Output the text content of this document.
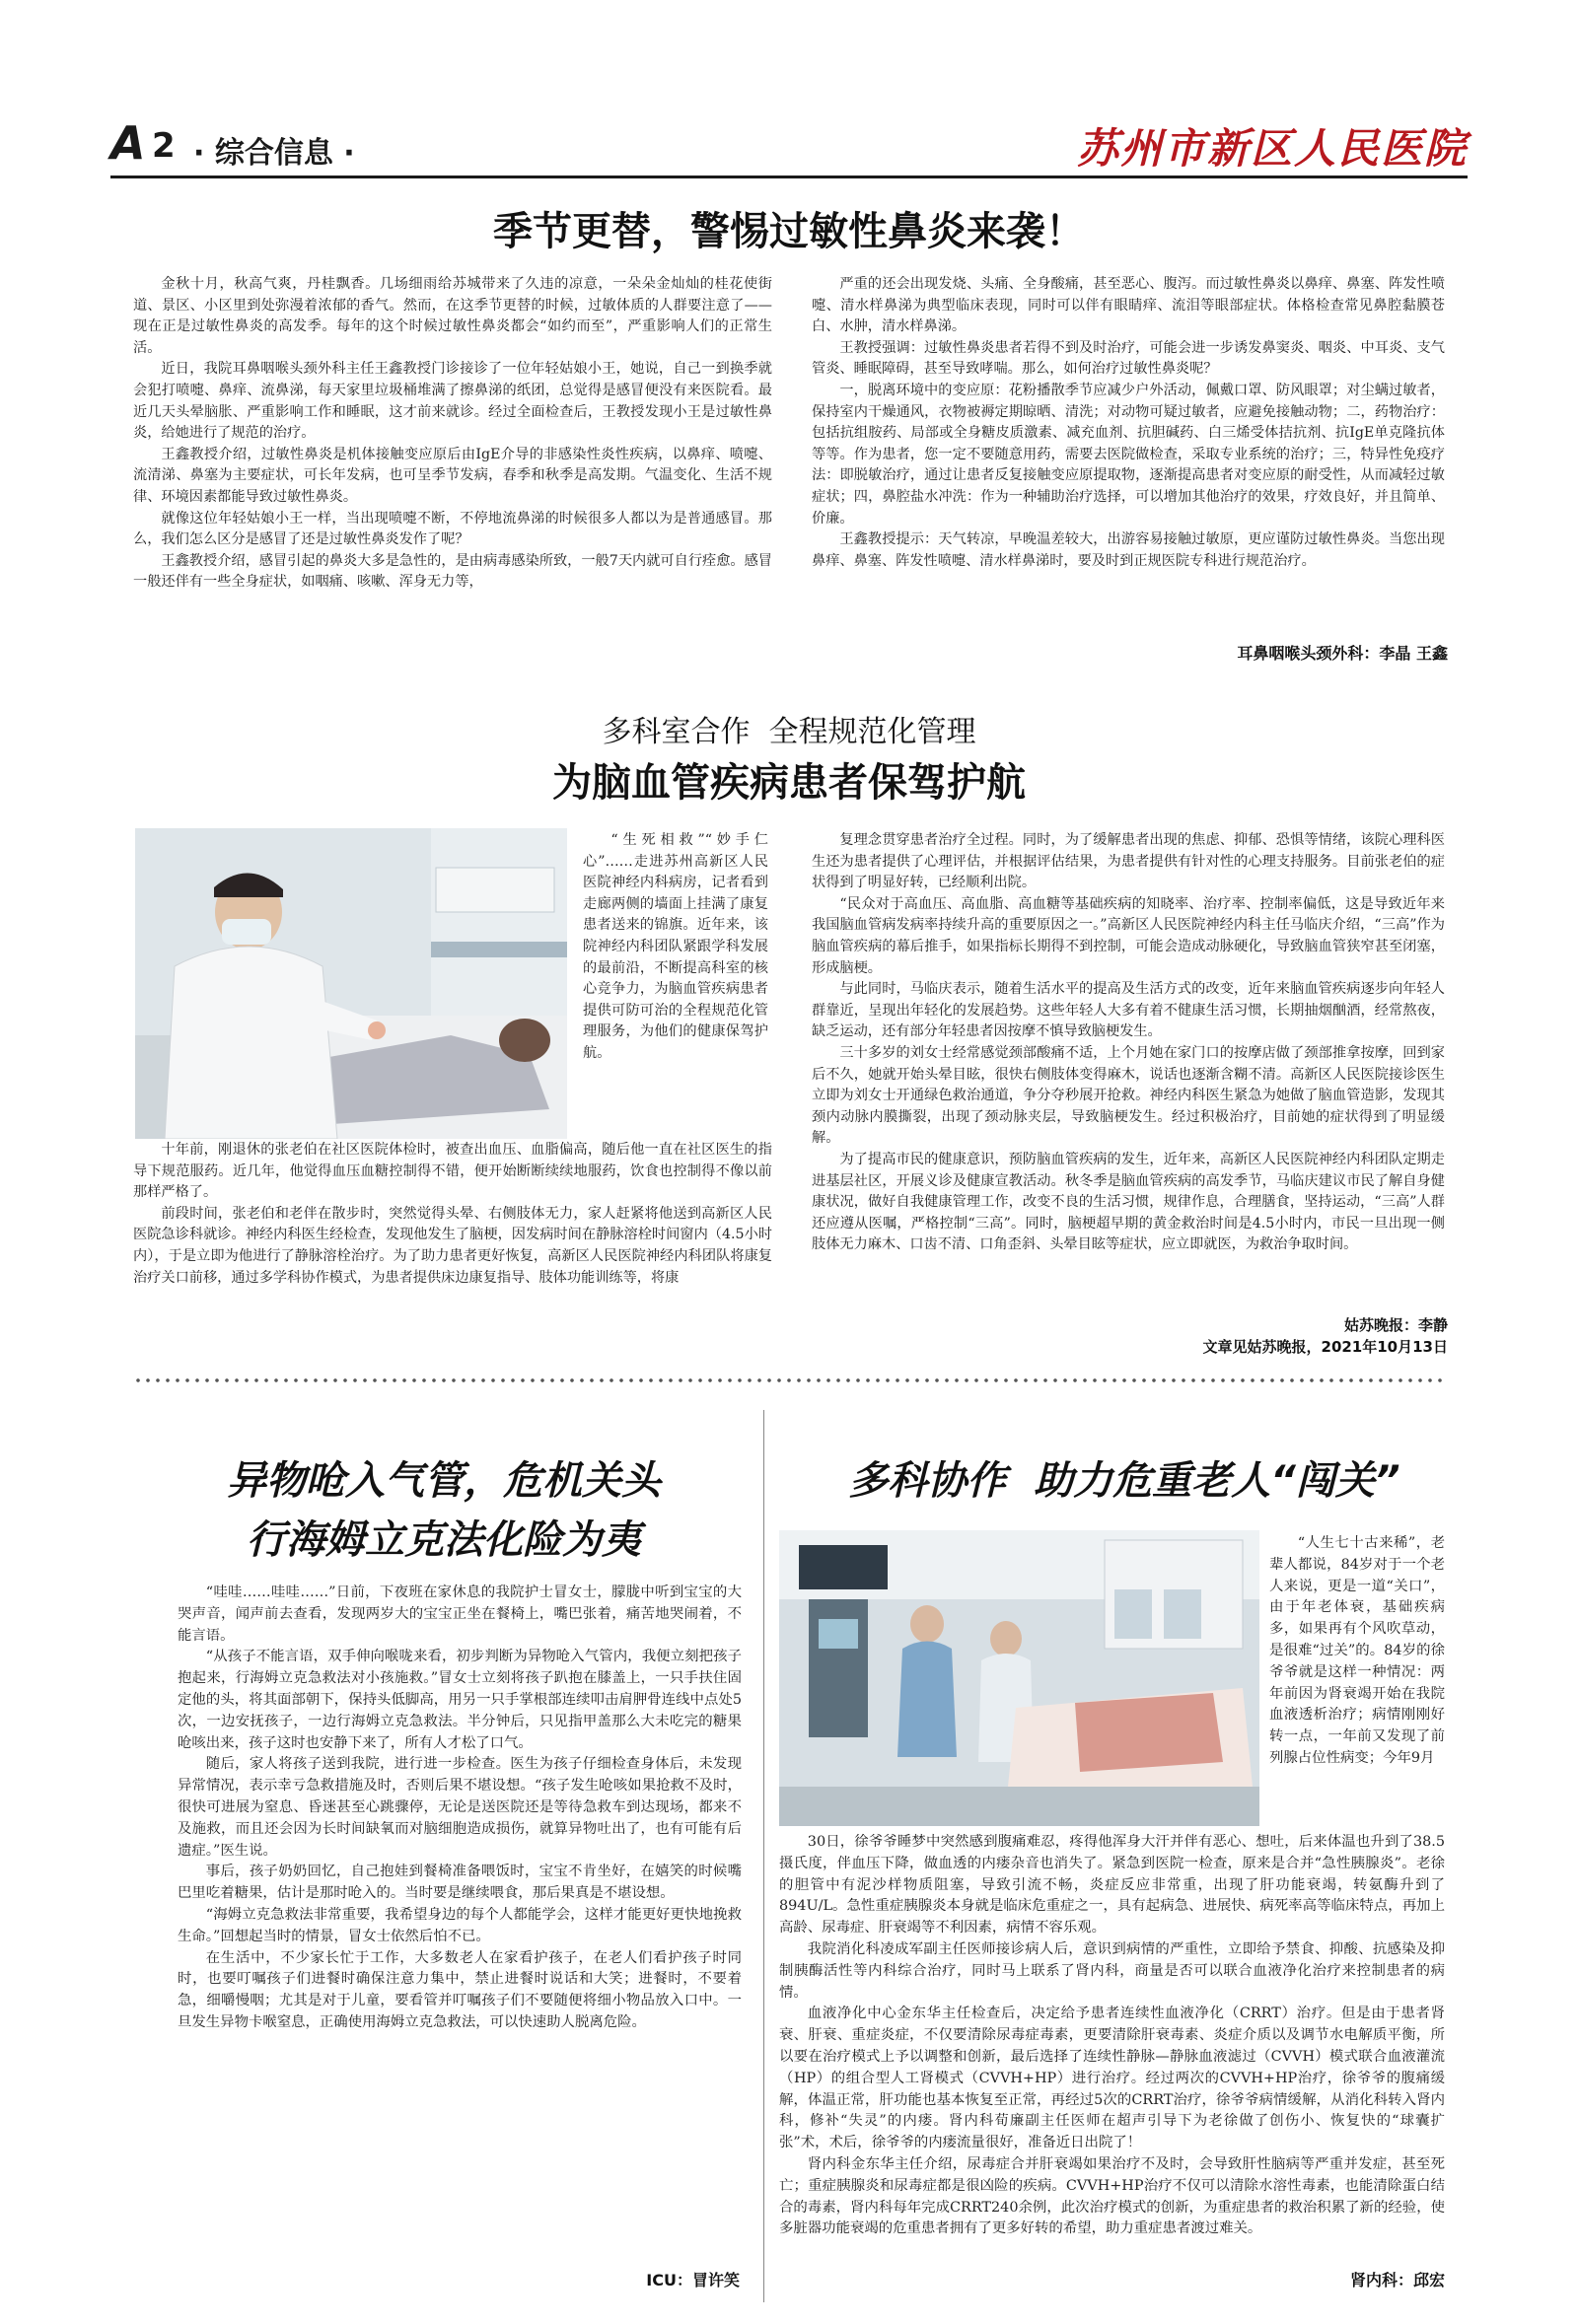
A 2 · 综合信息 ·	苏州市新区人民医院
季节更替，警惕过敏性鼻炎来袭！

金秋十月，秋高气爽，丹桂飘香。几场细雨给苏城带来了久违的凉意，一朵朵金灿灿的桂花使街道、景区、小区里到处弥漫着浓郁的香气。然而，在这季节更替的时候，过敏体质的人群要注意了——现在正是过敏性鼻炎的高发季。每年的这个时候过敏性鼻炎都会“如约而至”，严重影响人们的正常生活。

近日，我院耳鼻咽喉头颈外科主任王鑫教授门诊接诊了一位年轻姑娘小王，她说，自己一到换季就会犯打喷嚏、鼻痒、流鼻涕，每天家里垃圾桶堆满了擦鼻涕的纸团，总觉得是感冒便没有来医院看。最近几天头晕脑胀、严重影响工作和睡眠，这才前来就诊。经过全面检查后，王教授发现小王是过敏性鼻炎，给她进行了规范的治疗。

王鑫教授介绍，过敏性鼻炎是机体接触变应原后由IgE介导的非感染性炎性疾病，以鼻痒、喷嚏、流清涕、鼻塞为主要症状，可长年发病，也可呈季节发病，春季和秋季是高发期。气温变化、生活不规律、环境因素都能导致过敏性鼻炎。

就像这位年轻姑娘小王一样，当出现喷嚏不断，不停地流鼻涕的时候很多人都以为是普通感冒。那么，我们怎么区分是感冒了还是过敏性鼻炎发作了呢？

王鑫教授介绍，感冒引起的鼻炎大多是急性的，是由病毒感染所致，一般7天内就可自行痊愈。感冒一般还伴有一些全身症状，如咽痛、咳嗽、浑身无力等，

严重的还会出现发烧、头痛、全身酸痛，甚至恶心、腹泻。而过敏性鼻炎以鼻痒、鼻塞、阵发性喷嚏、清水样鼻涕为典型临床表现，同时可以伴有眼睛痒、流泪等眼部症状。体格检查常见鼻腔黏膜苍白、水肿，清水样鼻涕。

王教授强调：过敏性鼻炎患者若得不到及时治疗，可能会进一步诱发鼻窦炎、咽炎、中耳炎、支气管炎、睡眠障碍，甚至导致哮喘。那么，如何治疗过敏性鼻炎呢？

一，脱离环境中的变应原：花粉播散季节应减少户外活动，佩戴口罩、防风眼罩；对尘螨过敏者，保持室内干燥通风，衣物被褥定期晾晒、清洗；对动物可疑过敏者，应避免接触动物；二，药物治疗：包括抗组胺药、局部或全身糖皮质激素、减充血剂、抗胆碱药、白三烯受体拮抗剂、抗IgE单克隆抗体等等。作为患者，您一定不要随意用药，需要去医院做检查，采取专业系统的治疗；三，特异性免疫疗法：即脱敏治疗，通过让患者反复接触变应原提取物，逐渐提高患者对变应原的耐受性，从而减轻过敏症状；四，鼻腔盐水冲洗：作为一种辅助治疗选择，可以增加其他治疗的效果，疗效良好，并且简单、价廉。

王鑫教授提示：天气转凉，早晚温差较大，出游容易接触过敏原，更应谨防过敏性鼻炎。当您出现鼻痒、鼻塞、阵发性喷嚏、清水样鼻涕时，要及时到正规医院专科进行规范治疗。

耳鼻咽喉头颈外科：李晶 王鑫
多科室合作  全程规范化管理
为脑血管疾病患者保驾护航
“生死相救”“妙手仁心”……走进苏州高新区人民医院神经内科病房，记者看到走廊两侧的墙面上挂满了康复患者送来的锦旗。近年来，该院神经内科团队紧跟学科发展的最前沿，不断提高科室的核心竞争力，为脑血管疾病患者提供可防可治的全程规范化管理服务，为他们的健康保驾护航。

十年前，刚退休的张老伯在社区医院体检时，被查出血压、血脂偏高，随后他一直在社区医生的指导下规范服药。近几年，他觉得血压血糖控制得不错，便开始断断续续地服药，饮食也控制得不像以前那样严格了。

前段时间，张老伯和老伴在散步时，突然觉得头晕、右侧肢体无力，家人赶紧将他送到高新区人民医院急诊科就诊。神经内科医生经检查，发现他发生了脑梗，因发病时间在静脉溶栓时间窗内（4.5小时内），于是立即为他进行了静脉溶栓治疗。为了助力患者更好恢复，高新区人民医院神经内科团队将康复治疗关口前移，通过多学科协作模式，为患者提供床边康复指导、肢体功能训练等，将康

复理念贯穿患者治疗全过程。同时，为了缓解患者出现的焦虑、抑郁、恐惧等情绪，该院心理科医生还为患者提供了心理评估，并根据评估结果，为患者提供有针对性的心理支持服务。目前张老伯的症状得到了明显好转，已经顺利出院。

“民众对于高血压、高血脂、高血糖等基础疾病的知晓率、治疗率、控制率偏低，这是导致近年来我国脑血管病发病率持续升高的重要原因之一。”高新区人民医院神经内科主任马临庆介绍，“三高”作为脑血管疾病的幕后推手，如果指标长期得不到控制，可能会造成动脉硬化，导致脑血管狭窄甚至闭塞，形成脑梗。

与此同时，马临庆表示，随着生活水平的提高及生活方式的改变，近年来脑血管疾病逐步向年轻人群靠近，呈现出年轻化的发展趋势。这些年轻人大多有着不健康生活习惯，长期抽烟酗酒，经常熬夜，缺乏运动，还有部分年轻患者因按摩不慎导致脑梗发生。

三十多岁的刘女士经常感觉颈部酸痛不适，上个月她在家门口的按摩店做了颈部推拿按摩，回到家后不久，她就开始头晕目眩，很快右侧肢体变得麻木，说话也逐渐含糊不清。高新区人民医院接诊医生立即为刘女士开通绿色救治通道，争分夺秒展开抢救。神经内科医生紧急为她做了脑血管造影，发现其颈内动脉内膜撕裂，出现了颈动脉夹层，导致脑梗发生。经过积极治疗，目前她的症状得到了明显缓解。

为了提高市民的健康意识，预防脑血管疾病的发生，近年来，高新区人民医院神经内科团队定期走进基层社区，开展义诊及健康宣教活动。秋冬季是脑血管疾病的高发季节，马临庆建议市民了解自身健康状况，做好自我健康管理工作，改变不良的生活习惯，规律作息，合理膳食，坚持运动，“三高”人群还应遵从医嘱，严格控制“三高”。同时，脑梗超早期的黄金救治时间是4.5小时内，市民一旦出现一侧肢体无力麻木、口齿不清、口角歪斜、头晕目眩等症状，应立即就医，为救治争取时间。

姑苏晚报：李静
文章见姑苏晚报，2021年10月13日
异物呛入气管，危机关头
行海姆立克法化险为夷

“哇哇……哇哇……”日前，下夜班在家休息的我院护士冒女士，朦胧中听到宝宝的大哭声音，闻声前去查看，发现两岁大的宝宝正坐在餐椅上，嘴巴张着，痛苦地哭闹着，不能言语。

“从孩子不能言语，双手伸向喉咙来看，初步判断为异物呛入气管内，我便立刻把孩子抱起来，行海姆立克急救法对小孩施救。”冒女士立刻将孩子趴抱在膝盖上，一只手扶住固定他的头，将其面部朝下，保持头低脚高，用另一只手掌根部连续叩击肩胛骨连线中点处5次，一边安抚孩子，一边行海姆立克急救法。半分钟后，只见指甲盖那么大未吃完的糖果呛咳出来，孩子这时也安静下来了，所有人才松了口气。

随后，家人将孩子送到我院，进行进一步检查。医生为孩子仔细检查身体后，未发现异常情况，表示幸亏急救措施及时，否则后果不堪设想。“孩子发生呛咳如果抢救不及时，很快可进展为窒息、昏迷甚至心跳骤停，无论是送医院还是等待急救车到达现场，都来不及施救，而且还会因为长时间缺氧而对脑细胞造成损伤，就算异物吐出了，也有可能有后遗症。”医生说。

事后，孩子奶奶回忆，自己抱娃到餐椅准备喂饭时，宝宝不肯坐好，在嬉笑的时候嘴巴里吃着糖果，估计是那时呛入的。当时要是继续喂食，那后果真是不堪设想。

“海姆立克急救法非常重要，我希望身边的每个人都能学会，这样才能更好更快地挽救生命。”回想起当时的情景，冒女士依然后怕不已。

在生活中，不少家长忙于工作，大多数老人在家看护孩子，在老人们看护孩子时同时，也要叮嘱孩子们进餐时确保注意力集中，禁止进餐时说话和大笑；进餐时，不要着急，细嚼慢咽；尤其是对于儿童，要看管并叮嘱孩子们不要随便将细小物品放入口中。一旦发生异物卡喉窒息，正确使用海姆立克急救法，可以快速助人脱离危险。

ICU：冒许笑
多科协作  助力危重老人“闯关”
“人生七十古来稀”，老辈人都说，84岁对于一个老人来说，更是一道“关口”，由于年老体衰，基础疾病多，如果再有个风吹草动，是很难“过关”的。84岁的徐爷爷就是这样一种情况：两年前因为肾衰竭开始在我院血液透析治疗；病情刚刚好转一点，一年前又发现了前列腺占位性病变；今年9月

30日，徐爷爷睡梦中突然感到腹痛难忍，疼得他浑身大汗并伴有恶心、想吐，后来体温也升到了38.5摄氏度，伴血压下降，做血透的内瘘杂音也消失了。紧急到医院一检查，原来是合并“急性胰腺炎”。老徐的胆管中有泥沙样物质阻塞，导致引流不畅，炎症反应非常重，出现了肝功能衰竭，转氨酶升到了894U/L。急性重症胰腺炎本身就是临床危重症之一，具有起病急、进展快、病死率高等临床特点，再加上高龄、尿毒症、肝衰竭等不利因素，病情不容乐观。

我院消化科凌成军副主任医师接诊病人后，意识到病情的严重性，立即给予禁食、抑酸、抗感染及抑制胰酶活性等内科综合治疗，同时马上联系了肾内科，商量是否可以联合血液净化治疗来控制患者的病情。

血液净化中心金东华主任检查后，决定给予患者连续性血液净化（CRRT）治疗。但是由于患者肾衰、肝衰、重症炎症，不仅要清除尿毒症毒素，更要清除肝衰毒素、炎症介质以及调节水电解质平衡，所以要在治疗模式上予以调整和创新，最后选择了连续性静脉—静脉血液滤过（CVVH）模式联合血液灌流（HP）的组合型人工肾模式（CVVH+HP）进行治疗。经过两次的CVVH+HP治疗，徐爷爷的腹痛缓解，体温正常，肝功能也基本恢复至正常，再经过5次的CRRT治疗，徐爷爷病情缓解，从消化科转入肾内科，修补“失灵”的内瘘。肾内科荀廉副主任医师在超声引导下为老徐做了创伤小、恢复快的“球囊扩张”术，术后，徐爷爷的内瘘流量很好，准备近日出院了！

肾内科金东华主任介绍，尿毒症合并肝衰竭如果治疗不及时，会导致肝性脑病等严重并发症，甚至死亡；重症胰腺炎和尿毒症都是很凶险的疾病。CVVH+HP治疗不仅可以清除水溶性毒素，也能清除蛋白结合的毒素，肾内科每年完成CRRT240余例，此次治疗模式的创新，为重症患者的救治积累了新的经验，使多脏器功能衰竭的危重患者拥有了更多好转的希望，助力重症患者渡过难关。

肾内科：邱宏
